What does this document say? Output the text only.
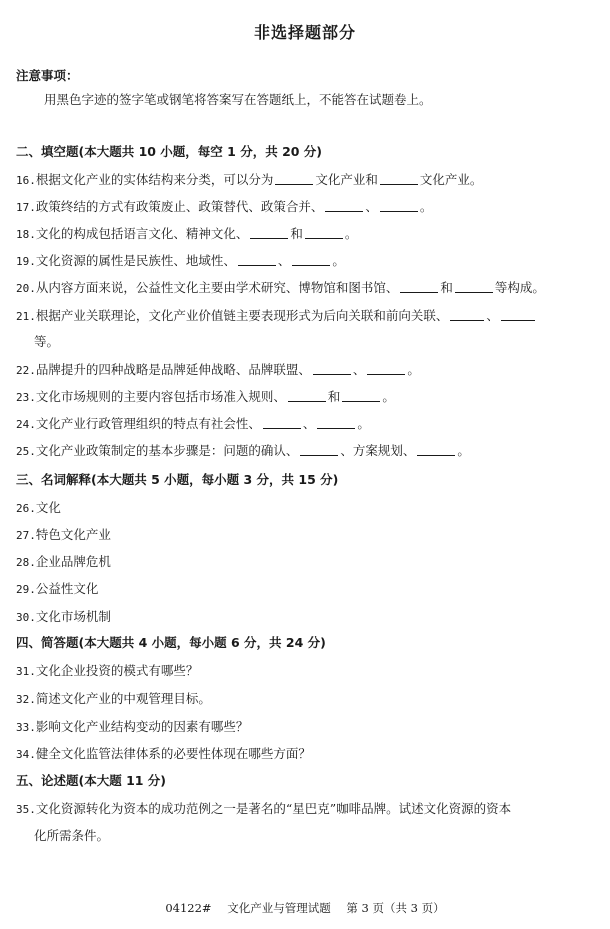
非选择题部分
注意事项：
用黑色字迹的签字笔或钢笔将答案写在答题纸上，不能答在试题卷上。
二、填空题(本大题共 10 小题，每空 1 分，共 20 分)
16.根据文化产业的实体结构来分类，可以分为	文化产业和	文化产业。
17.政策终结的方式有政策废止、政策替代、政策合并、	、	。
18.文化的构成包括语言文化、精神文化、	和	。
19.文化资源的属性是民族性、地域性、	、	。
20.从内容方面来说，公益性文化主要由学术研究、博物馆和图书馆、	和	等构成。
21.根据产业关联理论，文化产业价值链主要表现形式为后向关联和前向关联、	、
等。
22.品牌提升的四种战略是品牌延伸战略、品牌联盟、	、	。
23.文化市场规则的主要内容包括市场准入规则、	和	。
24.文化产业行政管理组织的特点有社会性、	、	。
25.文化产业政策制定的基本步骤是：问题的确认、	、方案规划、	。
三、名词解释(本大题共 5 小题，每小题 3 分，共 15 分)
26.文化
27.特色文化产业
28.企业品牌危机
29.公益性文化
30.文化市场机制
四、简答题(本大题共 4 小题，每小题 6 分，共 24 分)
31.文化企业投资的模式有哪些？
32.简述文化产业的中观管理目标。
33.影响文化产业结构变动的因素有哪些？
34.健全文化监管法律体系的必要性体现在哪些方面？
五、论述题(本大题 11 分)
35.文化资源转化为资本的成功范例之一是著名的“星巴克”咖啡品牌。试述文化资源的资本
化所需条件。
04122# 文化产业与管理试题 第 3 页（共 3 页）
